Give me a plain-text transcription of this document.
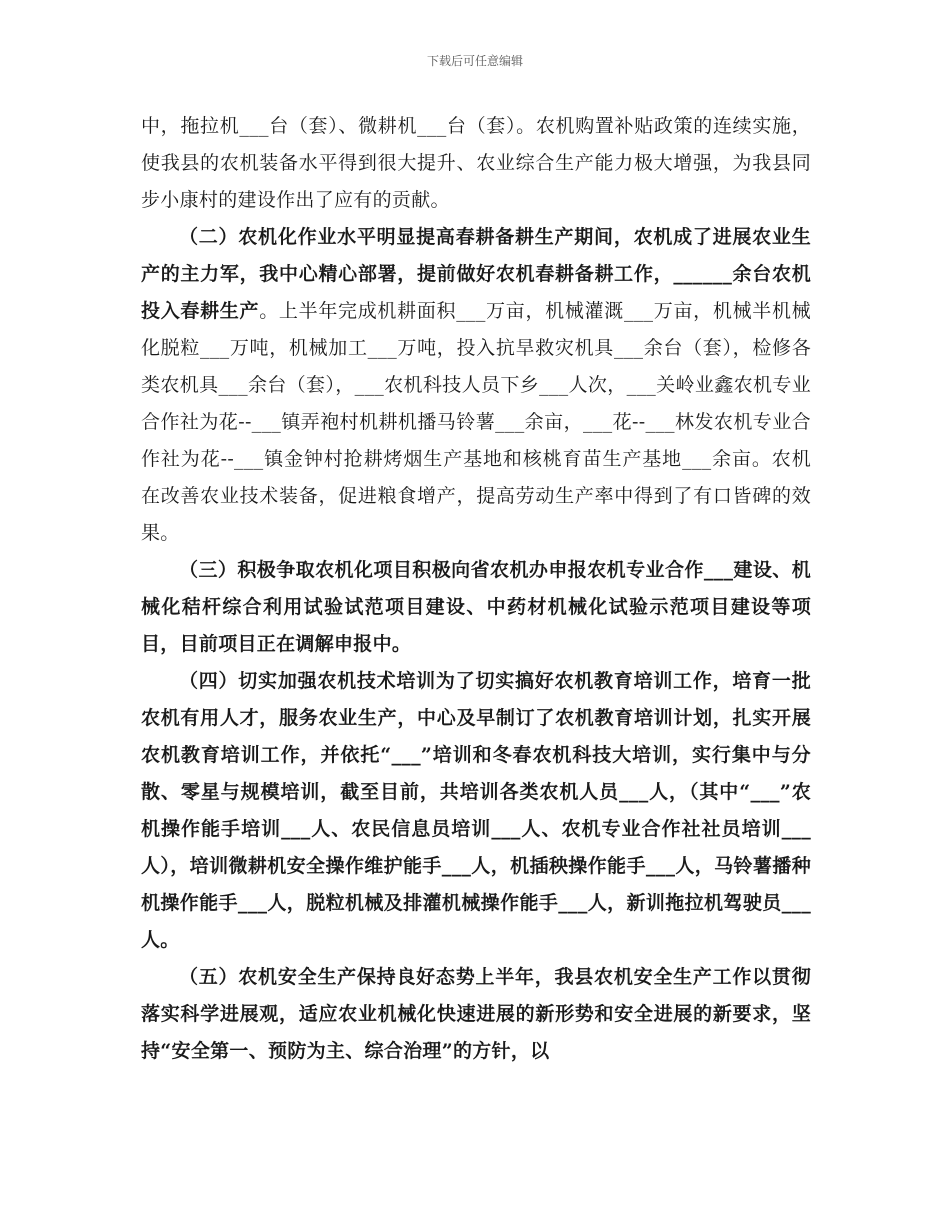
下载后可任意编辑

中，拖拉机___台（套）、微耕机___台（套）。农机购置补贴政策的连续实施，使我县的农机装备水平得到很大提升、农业综合生产能力极大增强，为我县同步小康村的建设作出了应有的贡献。

（二）农机化作业水平明显提高春耕备耕生产期间，农机成了进展农业生产的主力军，我中心精心部署，提前做好农机春耕备耕工作，______余台农机投入春耕生产。上半年完成机耕面积___万亩，机械灌溉___万亩，机械半机械化脱粒___万吨，机械加工___万吨，投入抗旱救灾机具___余台（套），检修各类农机具___余台（套），___农机科技人员下乡___人次，___关岭业鑫农机专业合作社为花--___镇弄袍村机耕机播马铃薯___余亩，___花--___林发农机专业合作社为花--___镇金钟村抢耕烤烟生产基地和核桃育苗生产基地___余亩。农机在改善农业技术装备，促进粮食增产，提高劳动生产率中得到了有口皆碑的效果。

（三）积极争取农机化项目积极向省农机办申报农机专业合作___建设、机械化秸杆综合利用试验试范项目建设、中药材机械化试验示范项目建设等项目，目前项目正在调解申报中。

（四）切实加强农机技术培训为了切实搞好农机教育培训工作，培育一批农机有用人才，服务农业生产，中心及早制订了农机教育培训计划，扎实开展农机教育培训工作，并依托“___”培训和冬春农机科技大培训，实行集中与分散、零星与规模培训，截至目前，共培训各类农机人员___人，（其中“___”农机操作能手培训___人、农民信息员培训___人、农机专业合作社社员培训___人），培训微耕机安全操作维护能手___人，机插秧操作能手___人，马铃薯播种机操作能手___人，脱粒机械及排灌机械操作能手___人，新训拖拉机驾驶员___人。

（五）农机安全生产保持良好态势上半年，我县农机安全生产工作以贯彻落实科学进展观，适应农业机械化快速进展的新形势和安全进展的新要求，坚持“安全第一、预防为主、综合治理”的方针，以
